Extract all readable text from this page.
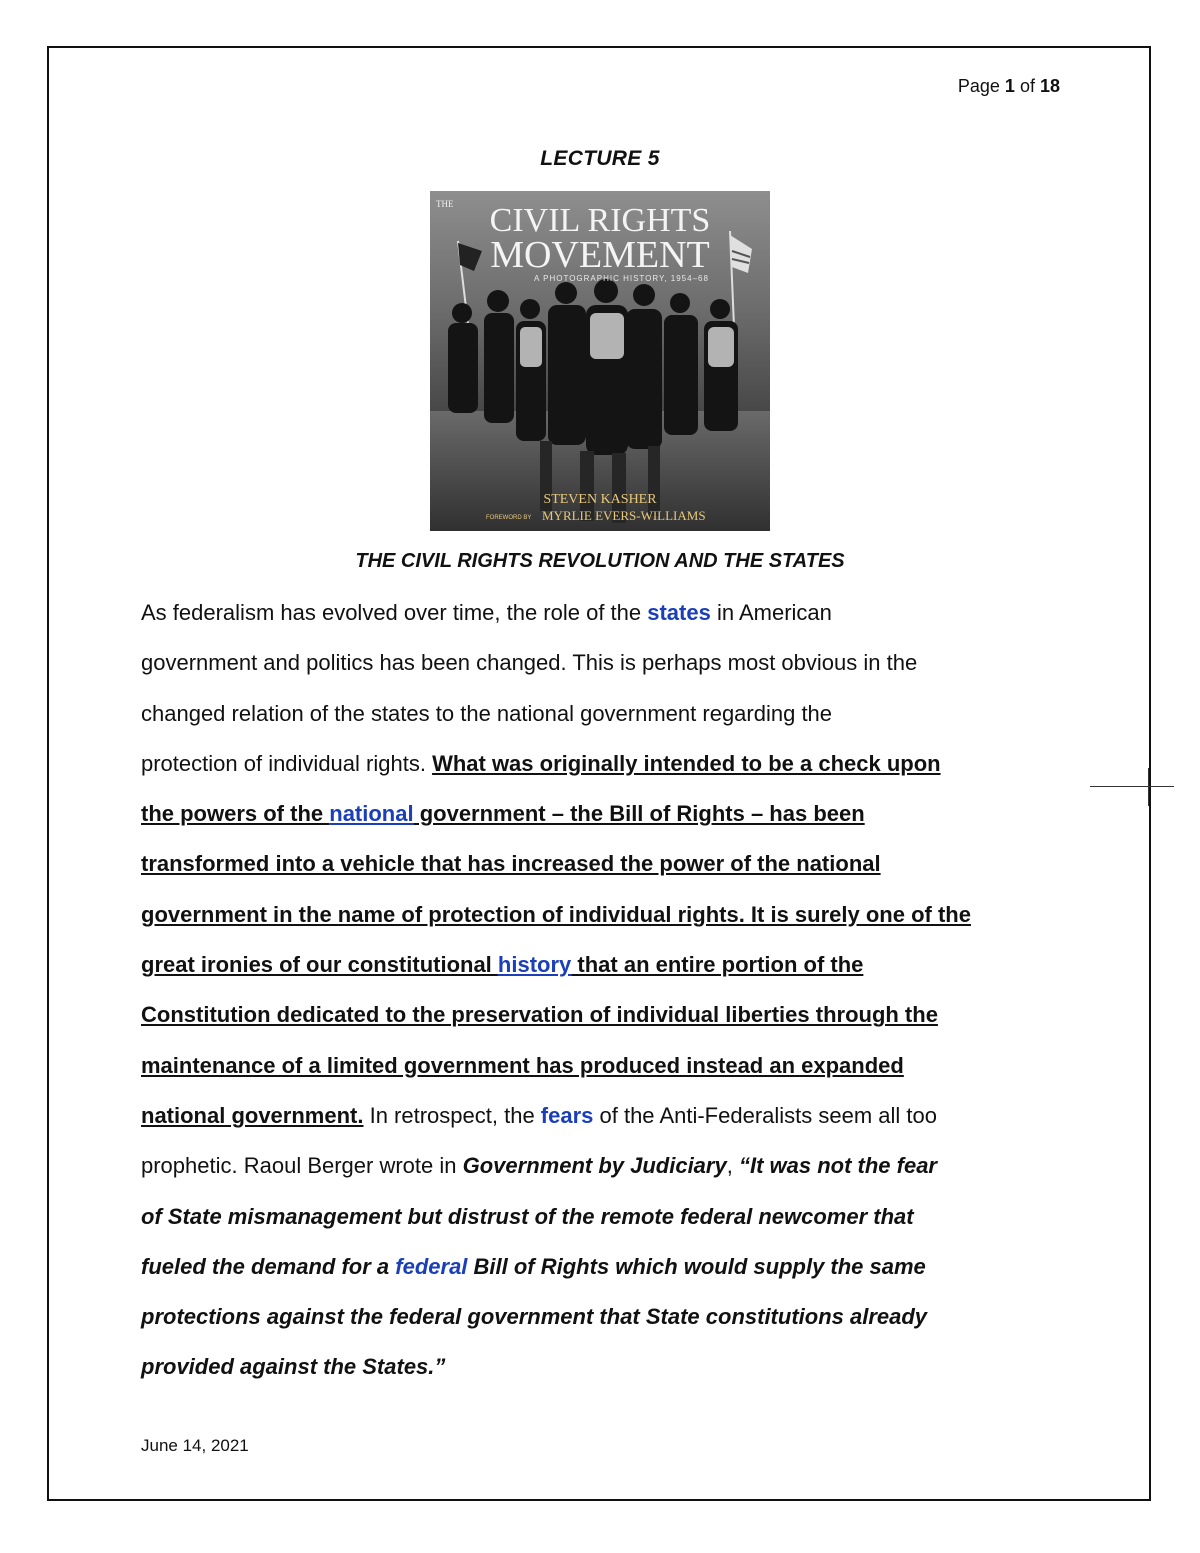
Page 1 of 18
LECTURE 5
THE CIVIL RIGHTS
MOVEMENT
A PHOTOGRAPHIC HISTORY, 1954–68
STEVEN KASHER
FOREWORD BY MYRLIE EVERS-WILLIAMS
THE CIVIL RIGHTS REVOLUTION AND THE STATES
As federalism has evolved over time, the role of the states in American
government and politics has been changed. This is perhaps most obvious in the
changed relation of the states to the national government regarding the
protection of individual rights. What was originally intended to be a check upon
the powers of the national government – the Bill of Rights – has been
transformed into a vehicle that has increased the power of the national
government in the name of protection of individual rights. It is surely one of the
great ironies of our constitutional history that an entire portion of the
Constitution dedicated to the preservation of individual liberties through the
maintenance of a limited government has produced instead an expanded
national government. In retrospect, the fears of the Anti-Federalists seem all too
prophetic. Raoul Berger wrote in Government by Judiciary, “It was not the fear
of State mismanagement but distrust of the remote federal newcomer that
fueled the demand for a federal Bill of Rights which would supply the same
protections against the federal government that State constitutions already
provided against the States.”
June 14, 2021
